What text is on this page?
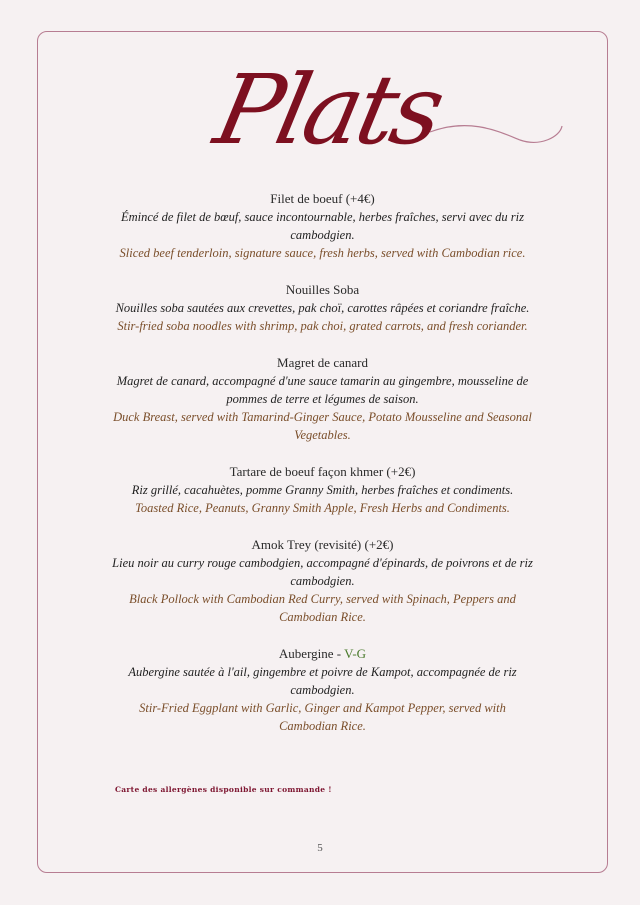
Plats
Filet de boeuf (+4€)
Émincé de filet de bœuf, sauce incontournable, herbes fraîches, servi avec du riz cambodgien.
Sliced beef tenderloin, signature sauce, fresh herbs, served with Cambodian rice.
Nouilles Soba
Nouilles soba sautées aux crevettes, pak choï, carottes râpées et coriandre fraîche.
Stir-fried soba noodles with shrimp, pak choi, grated carrots, and fresh coriander.
Magret de canard
Magret de canard, accompagné d'une sauce tamarin au gingembre, mousseline de pommes de terre et légumes de saison.
Duck Breast, served with Tamarind-Ginger Sauce, Potato Mousseline and Seasonal Vegetables.
Tartare de boeuf façon khmer (+2€)
Riz grillé, cacahuètes, pomme Granny Smith, herbes fraîches et condiments.
Toasted Rice, Peanuts, Granny Smith Apple, Fresh Herbs and Condiments.
Amok Trey (revisité) (+2€)
Lieu noir au curry rouge cambodgien, accompagné d'épinards, de poivrons et de riz cambodgien.
Black Pollock with Cambodian Red Curry, served with Spinach, Peppers and Cambodian Rice.
Aubergine - V-G
Aubergine sautée à l'ail, gingembre et poivre de Kampot, accompagnée de riz cambodgien.
Stir-Fried Eggplant with Garlic, Ginger and Kampot Pepper, served with Cambodian Rice.
Carte des allergènes disponible sur commande !
5
